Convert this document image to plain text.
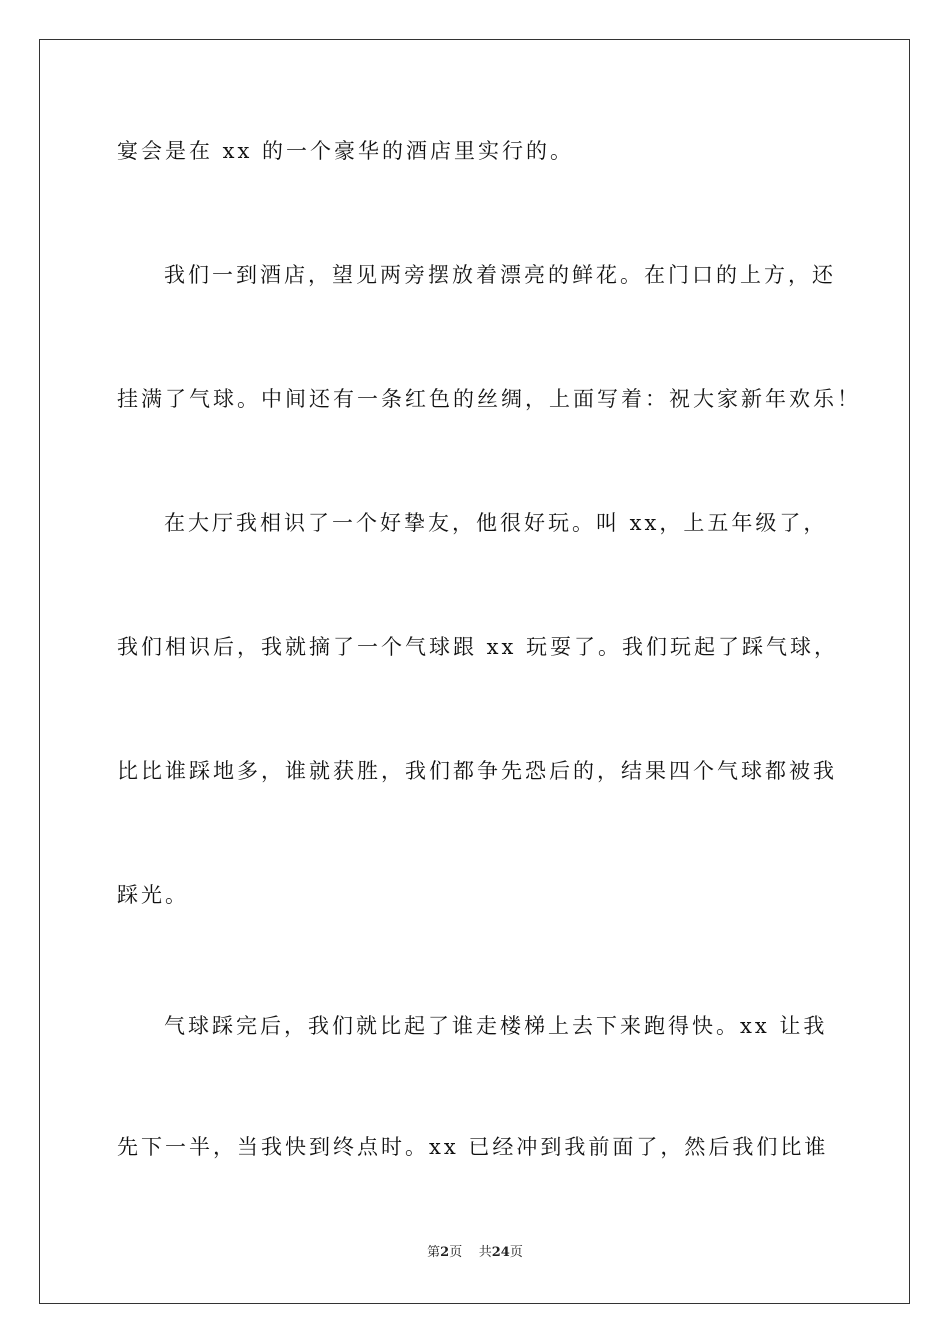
宴会是在 xx 的一个豪华的酒店里实行的。
我们一到酒店，望见两旁摆放着漂亮的鲜花。在门口的上方，还
挂满了气球。中间还有一条红色的丝绸，上面写着：祝大家新年欢乐！
在大厅我相识了一个好挚友，他很好玩。叫 xx，上五年级了，
我们相识后，我就摘了一个气球跟 xx 玩耍了。我们玩起了踩气球，
比比谁踩地多，谁就获胜，我们都争先恐后的，结果四个气球都被我
踩光。
气球踩完后，我们就比起了谁走楼梯上去下来跑得快。xx 让我
先下一半，当我快到终点时。xx 已经冲到我前面了，然后我们比谁
第2页 共24页
